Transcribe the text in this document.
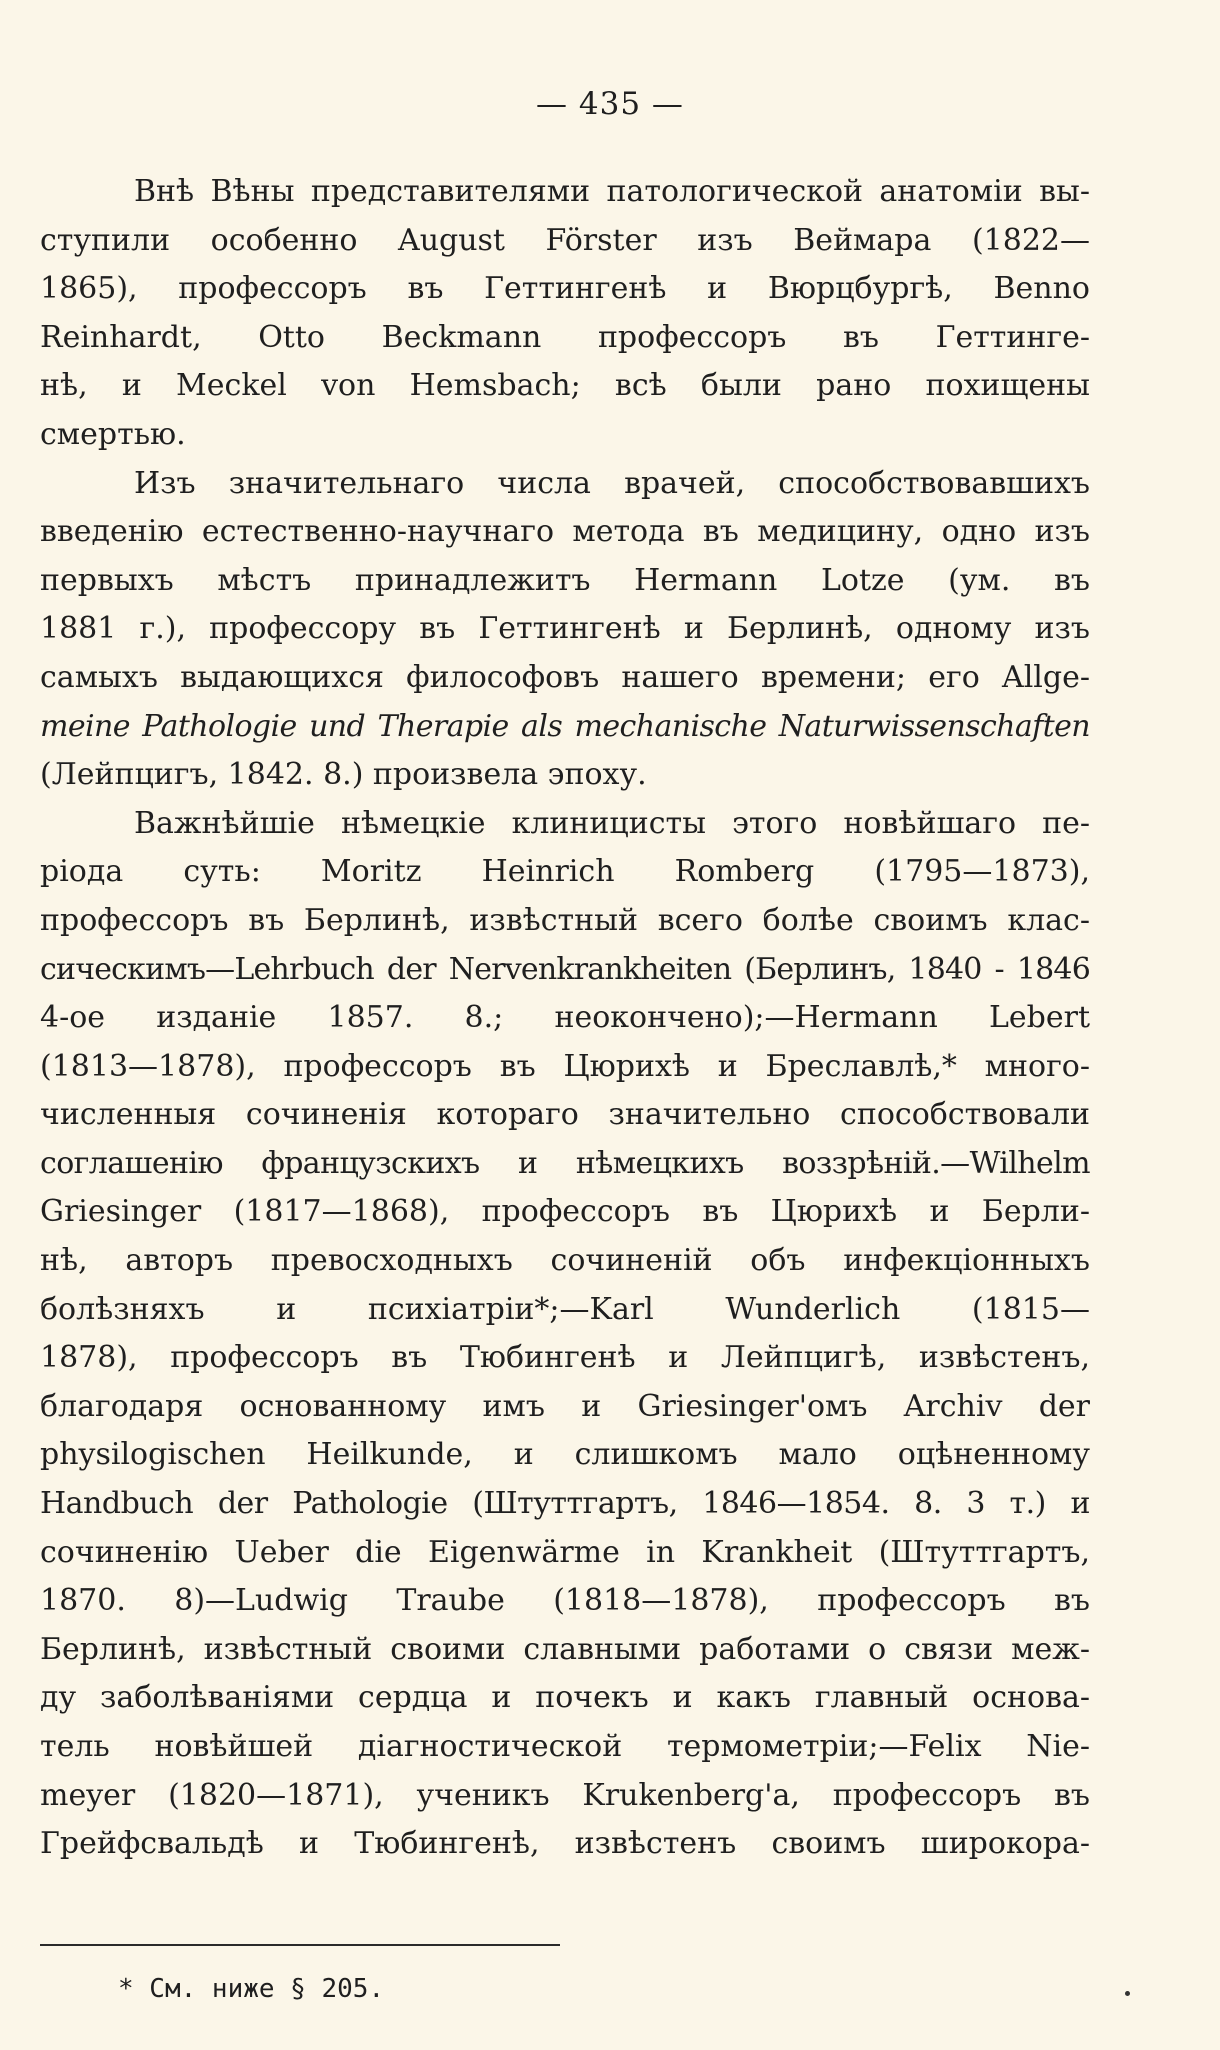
— 435 —
Внѣ Вѣны представителями патологической анатоміи вы-
ступили особенно August Förster изъ Веймара (1822—
1865), профессоръ въ Геттингенѣ и Вюрцбургѣ, Benno
Reinhardt, Otto Beckmann профессоръ въ Геттинге-
нѣ, и Meckel von Hemsbach; всѣ были рано похищены
смертью.
Изъ значительнаго числа врачей, способствовавшихъ
введенію естественно-научнаго метода въ медицину, одно изъ
первыхъ мѣстъ принадлежитъ Hermann Lotze (ум. въ
1881 г.), профессору въ Геттингенѣ и Берлинѣ, одному изъ
самыхъ выдающихся философовъ нашего времени; его Allge-
meine Pathologie und Therapie als mechanische Naturwissenschaften
(Лейпцигъ, 1842. 8.) произвела эпоху.
Важнѣйшіе нѣмецкіе клиницисты этого новѣйшаго пе-
ріода суть: Moritz Heinrich Romberg (1795—1873),
профессоръ въ Берлинѣ, извѣстный всего болѣе своимъ клас-
сическимъ—Lehrbuch der Nervenkrankheiten (Берлинъ, 1840 - 1846
4-ое изданіе 1857. 8.; неокончено);—Hermann Lebert
(1813—1878), профессоръ въ Цюрихѣ и Бреславлѣ,* много-
численныя сочиненія котораго значительно способствовали
соглашенію французскихъ и нѣмецкихъ воззрѣній.—Wilhelm
Griesinger (1817—1868), профессоръ въ Цюрихѣ и Берли-
нѣ, авторъ превосходныхъ сочиненій объ инфекціонныхъ
болѣзняхъ и психіатріи*;—Karl Wunderlich (1815—
1878), профессоръ въ Тюбингенѣ и Лейпцигѣ, извѣстенъ,
благодаря основанному имъ и Griesinger'омъ Archiv der
physilogischen Heilkunde, и слишкомъ мало оцѣненному
Handbuch der Pathologie (Штуттгартъ, 1846—1854. 8. 3 т.) и
сочиненію Ueber die Eigenwärme in Krankheit (Штуттгартъ,
1870. 8)—Ludwig Traube (1818—1878), профессоръ въ
Берлинѣ, извѣстный своими славными работами о связи меж-
ду заболѣваніями сердца и почекъ и какъ главный основа-
тель новѣйшей діагностической термометріи;—Felix Nie-
meyer (1820—1871), ученикъ Krukenberg'а, профессоръ въ
Грейфсвальдѣ и Тюбингенѣ, извѣстенъ своимъ широкора-
* См. ниже § 205.
